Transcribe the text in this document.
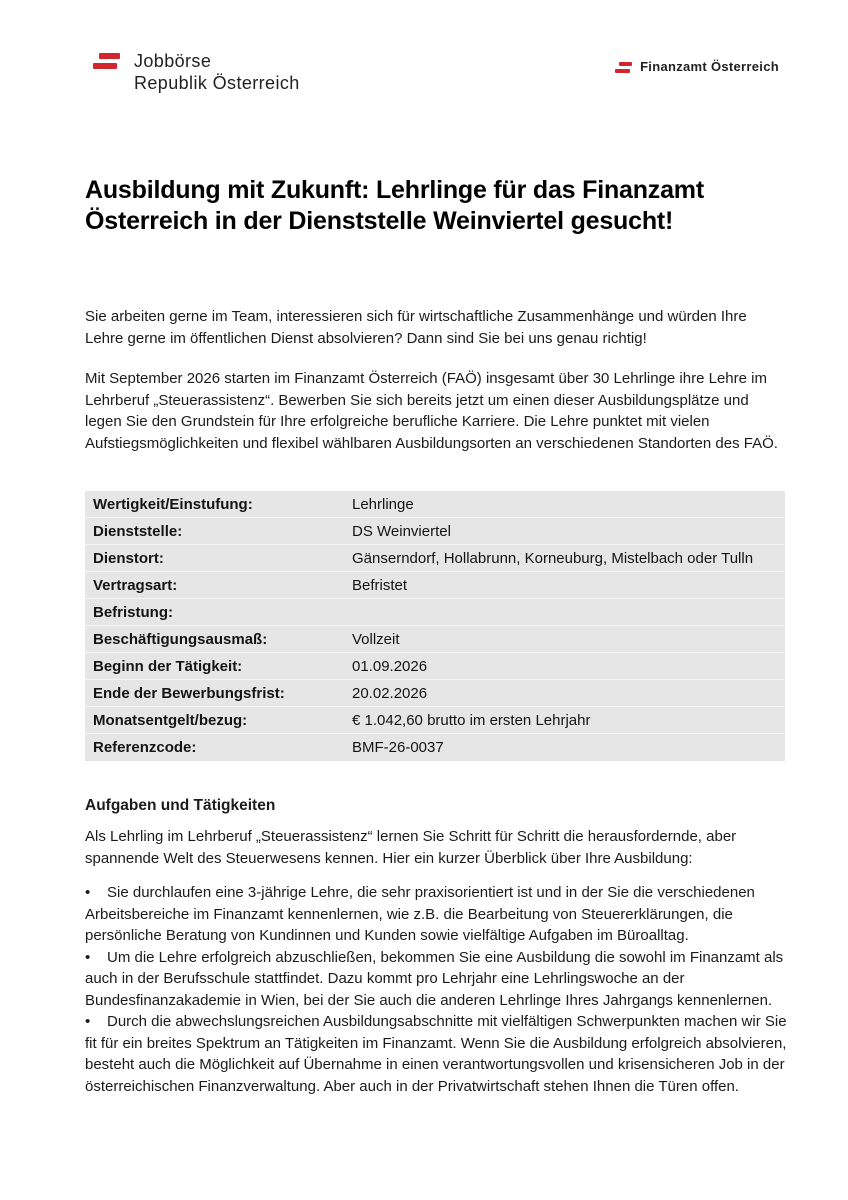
Jobbörse
Republik Österreich
Finanzamt Österreich
Ausbildung mit Zukunft: Lehrlinge für das Finanzamt Österreich in der Dienststelle Weinviertel gesucht!

Sie arbeiten gerne im Team, interessieren sich für wirtschaftliche Zusammenhänge und würden Ihre Lehre gerne im öffentlichen Dienst absolvieren? Dann sind Sie bei uns genau richtig!

Mit September 2026 starten im Finanzamt Österreich (FAÖ) insgesamt über 30 Lehrlinge ihre Lehre im Lehrberuf „Steuerassistenz“. Bewerben Sie sich bereits jetzt um einen dieser Ausbildungsplätze und legen Sie den Grundstein für Ihre erfolgreiche berufliche Karriere. Die Lehre punktet mit vielen Aufstiegsmöglichkeiten und flexibel wählbaren Ausbildungsorten an verschiedenen Standorten des FAÖ.

Wertigkeit/Einstufung:	Lehrlinge
Dienststelle:	DS Weinviertel
Dienstort:	Gänserndorf, Hollabrunn, Korneuburg, Mistelbach oder Tulln
Vertragsart:	Befristet
Befristung:
Beschäftigungsausmaß:	Vollzeit
Beginn der Tätigkeit:	01.09.2026
Ende der Bewerbungsfrist:	20.02.2026
Monatsentgelt/bezug:	€ 1.042,60 brutto im ersten Lehrjahr
Referenzcode:	BMF-26-0037
Aufgaben und Tätigkeiten

Als Lehrling im Lehrberuf „Steuerassistenz“ lernen Sie Schritt für Schritt die herausfordernde, aber spannende Welt des Steuerwesens kennen. Hier ein kurzer Überblick über Ihre Ausbildung:

• Sie durchlaufen eine 3-jährige Lehre, die sehr praxisorientiert ist und in der Sie die verschiedenen Arbeitsbereiche im Finanzamt kennenlernen, wie z.B. die Bearbeitung von Steuererklärungen, die persönliche Beratung von Kundinnen und Kunden sowie vielfältige Aufgaben im Büroalltag.

• Um die Lehre erfolgreich abzuschließen, bekommen Sie eine Ausbildung die sowohl im Finanzamt als auch in der Berufsschule stattfindet. Dazu kommt pro Lehrjahr eine Lehrlingswoche an der Bundesfinanzakademie in Wien, bei der Sie auch die anderen Lehrlinge Ihres Jahrgangs kennenlernen.

• Durch die abwechslungsreichen Ausbildungsabschnitte mit vielfältigen Schwerpunkten machen wir Sie fit für ein breites Spektrum an Tätigkeiten im Finanzamt. Wenn Sie die Ausbildung erfolgreich absolvieren, besteht auch die Möglichkeit auf Übernahme in einen verantwortungsvollen und krisensicheren Job in der österreichischen Finanzverwaltung. Aber auch in der Privatwirtschaft stehen Ihnen die Türen offen.
